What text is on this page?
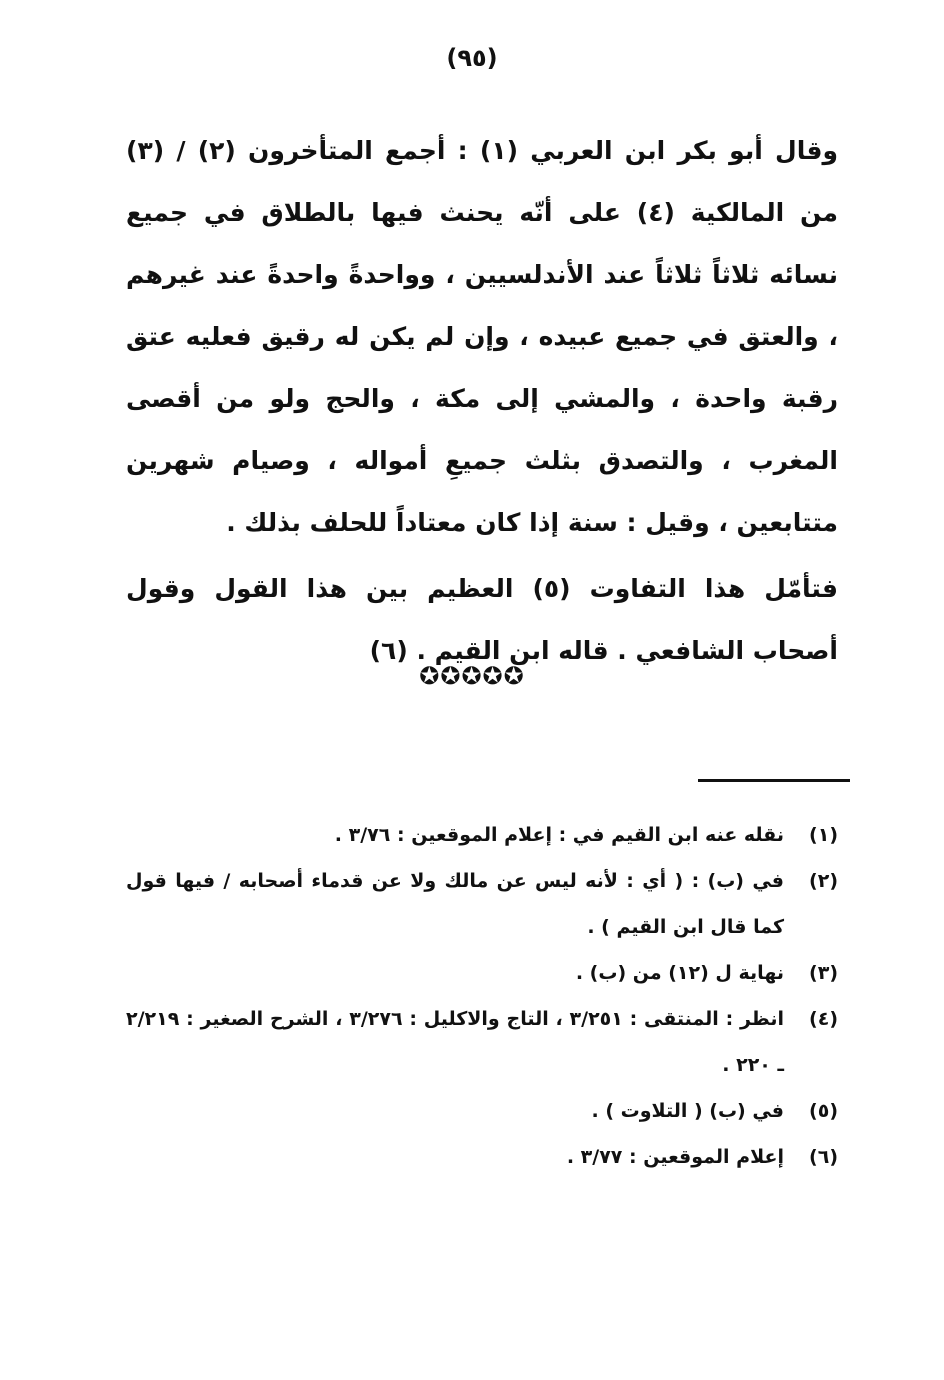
(٩٥)

وقال أبو بكر ابن العربي (١) : أجمع المتأخرون (٢) / (٣) من المالكية (٤) على أنّه يحنث فيها بالطلاق في جميع نسائه ثلاثاً ثلاثاً عند الأندلسيين ، وواحدةً واحدةً عند غيرهم ، والعتق في جميع عبيده ، وإن لم يكن له رقيق فعليه عتق رقبة واحدة ، والمشي إلى مكة ، والحج ولو من أقصى المغرب ، والتصدق بثلث جميعِ أمواله ، وصيام شهرين متتابعين ، وقيل : سنة إذا كان معتاداً للحلف بذلك .

فتأمّل هذا التفاوت (٥) العظيم بين هذا القول وقول أصحاب الشافعي . قاله ابن القيم . (٦)

✪✪✪✪✪
(١)
نقله عنه ابن القيم في : إعلام الموقعين : ٣/٧٦ .
(٢)
في (ب) : ( أي : لأنه ليس عن مالك ولا عن قدماء أصحابه / فيها قول كما قال ابن القيم ) .
(٣)
نهاية ل (١٢) من (ب) .
(٤)
انظر : المنتقى : ٣/٢٥١ ، التاج والاكليل : ٣/٢٧٦ ، الشرح الصغير : ٢/٢١٩ ـ ٢٢٠ .
(٥)
في (ب) ( التلاوت ) .
(٦)
إعلام الموقعين : ٣/٧٧ .
